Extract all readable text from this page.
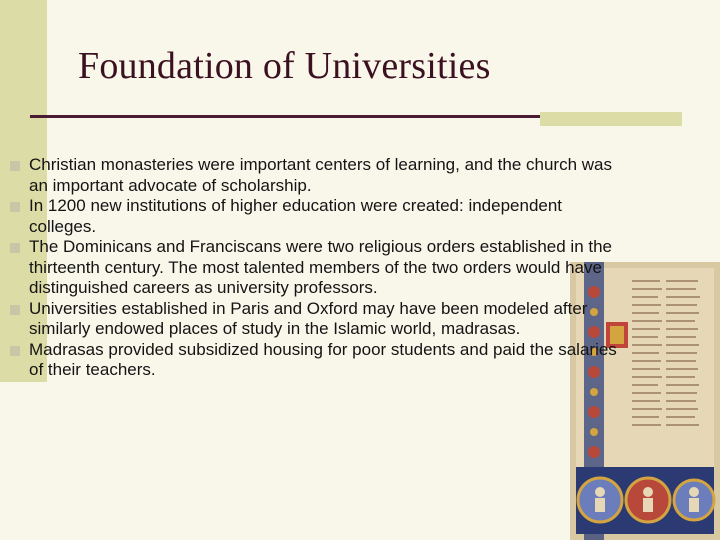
Foundation of Universities
Christian monasteries were important centers of learning, and the church was an important advocate of scholarship.
In 1200 new institutions of higher education were created: independent colleges.
The Dominicans and Franciscans were two religious orders established in the thirteenth century. The most talented members of the two orders would have distinguished careers as university professors.
Universities established in Paris and Oxford may have been modeled after similarly endowed places of study in the Islamic world, madrasas.
Madrasas provided subsidized housing for poor students and paid the salaries of their teachers.
